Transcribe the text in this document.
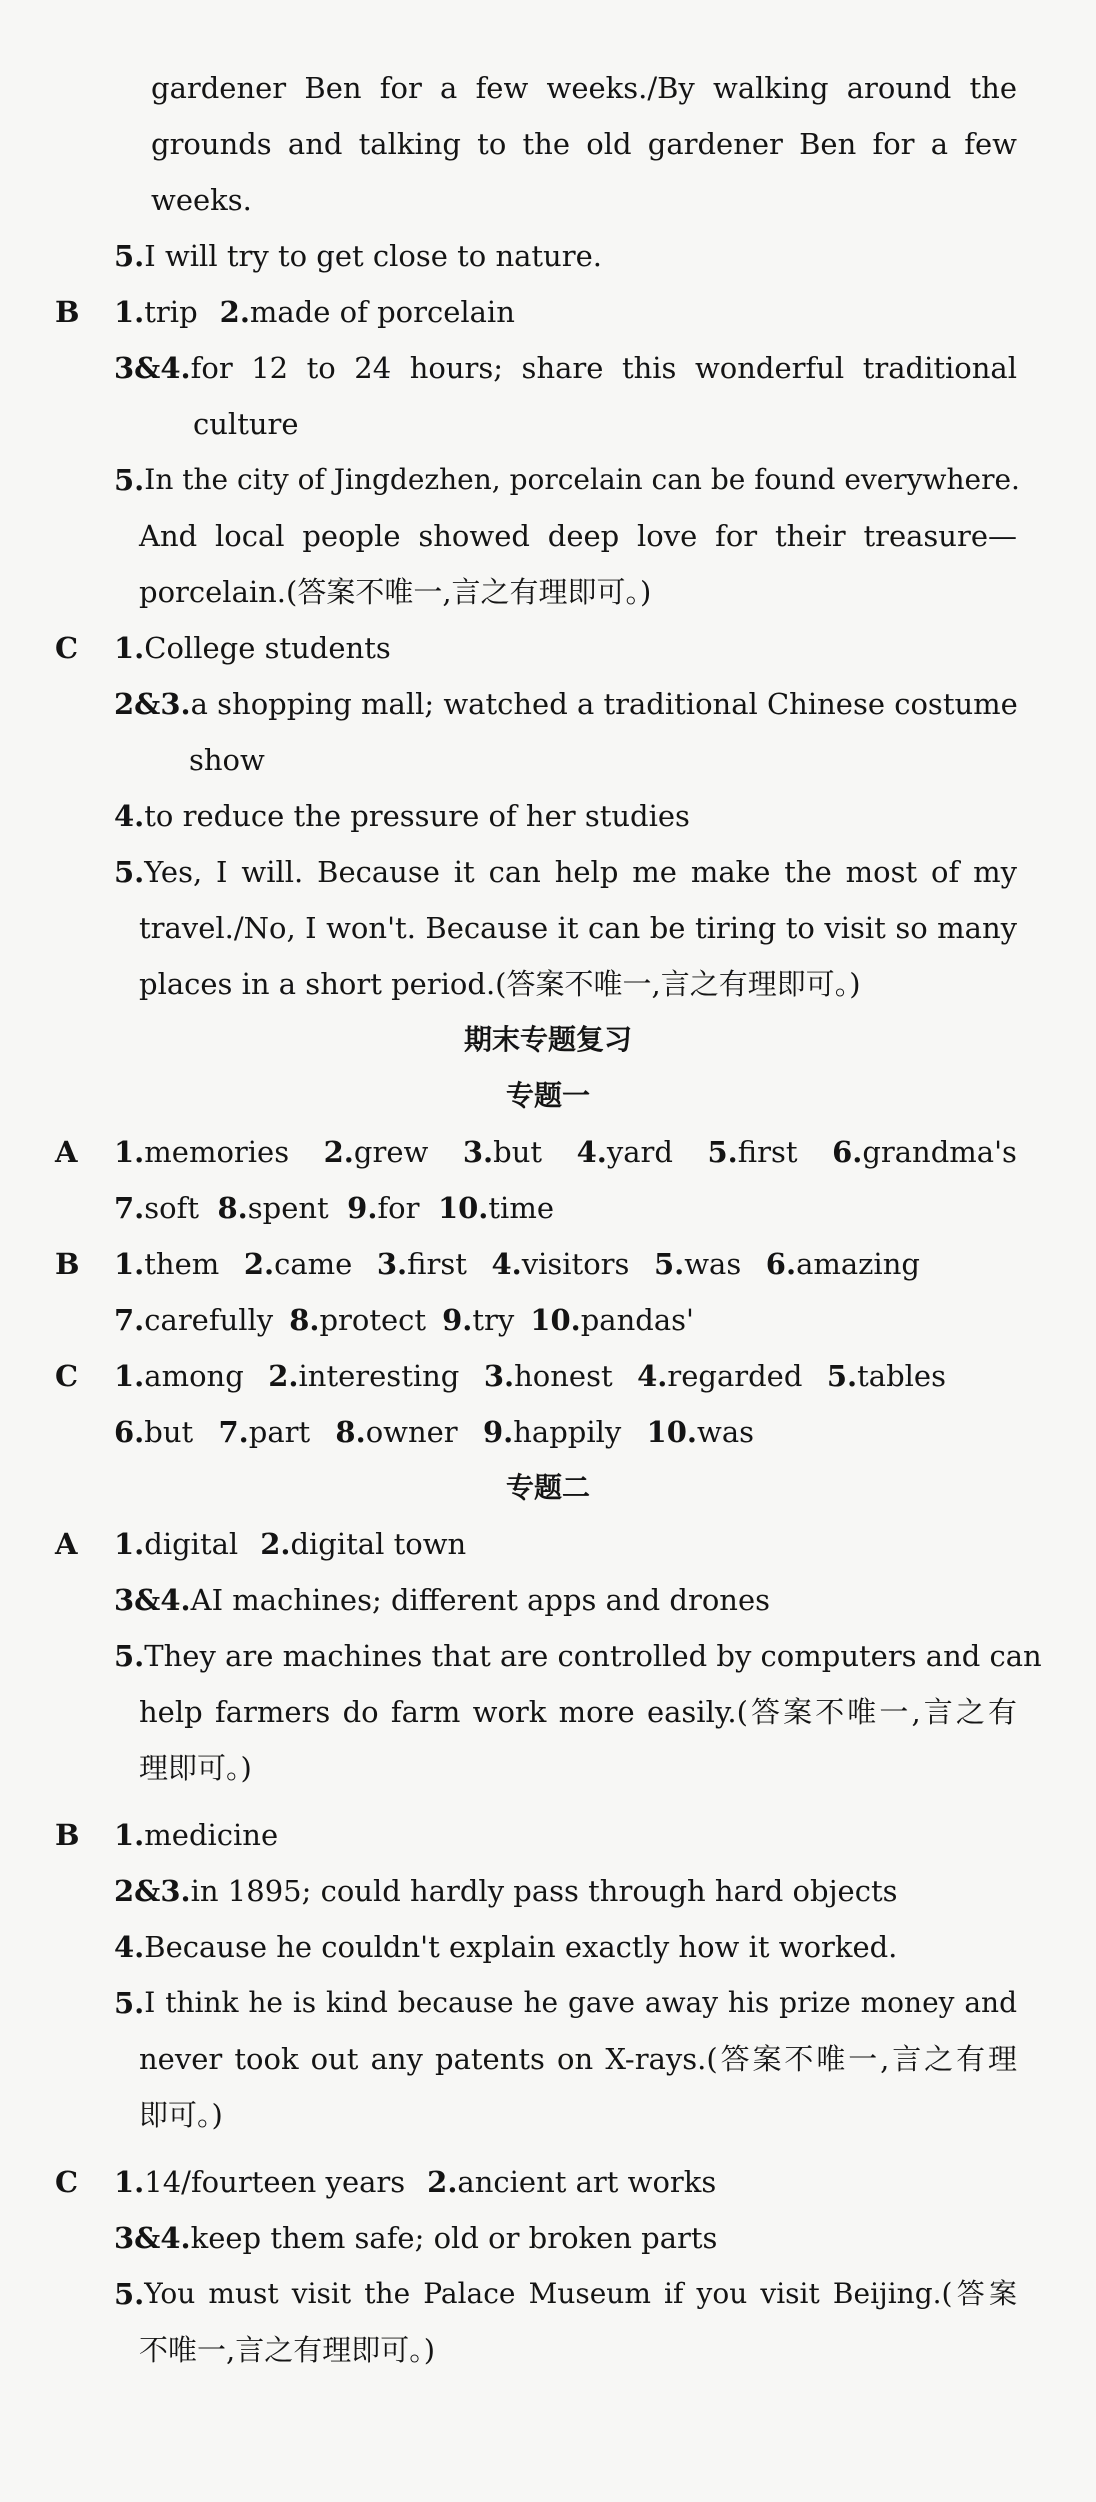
gardener Ben for a few weeks./By walking around the
grounds and talking to the old gardener Ben for a few
weeks.
5.I will try to get close to nature.
B 1.trip 2.made of porcelain
3&4. for 12 to 24 hours; share this wonderful traditional
culture
5. In the city of Jingdezhen, porcelain can be found everywhere.
And local people showed deep love for their treasure—
porcelain.(答案不唯一,言之有理即可。)
C 1.College students
2&3. a shopping mall; watched a traditional Chinese costume
show
4.to reduce the pressure of her studies
5. Yes, I will. Because it can help me make the most of my
travel./No, I won't. Because it can be tiring to visit so many
places in a short period.(答案不唯一,言之有理即可。)
期末专题复习
专题一
A 1.memories 2.grew 3.but 4.yard 5.first 6.grandma's
7.soft 8.spent 9.for 10.time
B 1.them 2.came 3.first 4.visitors 5.was 6.amazing
7.carefully 8.protect 9.try 10.pandas'
C 1.among 2.interesting 3.honest 4.regarded 5.tables
6.but 7.part 8.owner 9.happily 10.was
专题二
A 1.digital 2.digital town
3&4.AI machines; different apps and drones
5. They are machines that are controlled by computers and can
help farmers do farm work more easily.(答案不唯一,言之有
理即可。)
B 1.medicine
2&3.in 1895; could hardly pass through hard objects
4.Because he couldn't explain exactly how it worked.
5. I think he is kind because he gave away his prize money and
never took out any patents on X-rays.(答案不唯一,言之有理
即可。)
C 1.14/fourteen years 2.ancient art works
3&4.keep them safe; old or broken parts
5. You must visit the Palace Museum if you visit Beijing.(答案
不唯一,言之有理即可。)
